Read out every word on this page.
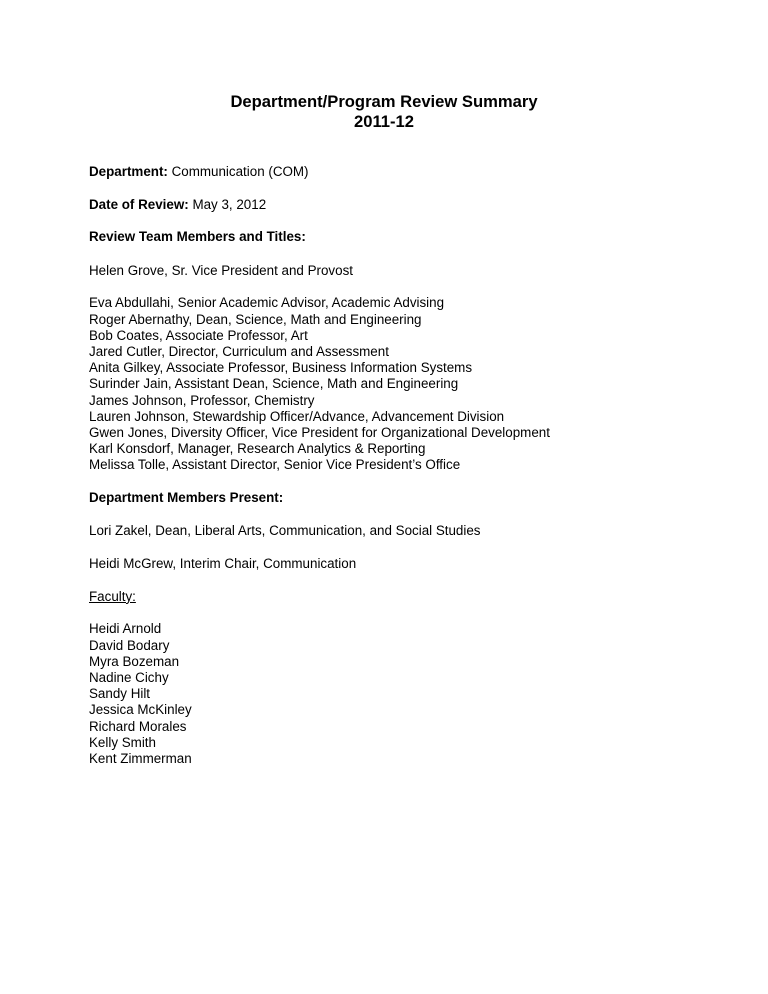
Department/Program Review Summary
2011-12
Department: Communication (COM)
Date of Review: May 3, 2012
Review Team Members and Titles:
Helen Grove, Sr. Vice President and Provost
Eva Abdullahi, Senior Academic Advisor, Academic Advising
Roger Abernathy, Dean, Science, Math and Engineering
Bob Coates, Associate Professor, Art
Jared Cutler, Director, Curriculum and Assessment
Anita Gilkey, Associate Professor, Business Information Systems
Surinder Jain, Assistant Dean, Science, Math and Engineering
James Johnson, Professor, Chemistry
Lauren Johnson, Stewardship Officer/Advance, Advancement Division
Gwen Jones, Diversity Officer, Vice President for Organizational Development
Karl Konsdorf, Manager, Research Analytics & Reporting
Melissa Tolle, Assistant Director, Senior Vice President’s Office
Department Members Present:
Lori Zakel, Dean, Liberal Arts, Communication, and Social Studies
Heidi McGrew, Interim Chair, Communication
Faculty:
Heidi Arnold
David Bodary
Myra Bozeman
Nadine Cichy
Sandy Hilt
Jessica McKinley
Richard Morales
Kelly Smith
Kent Zimmerman
